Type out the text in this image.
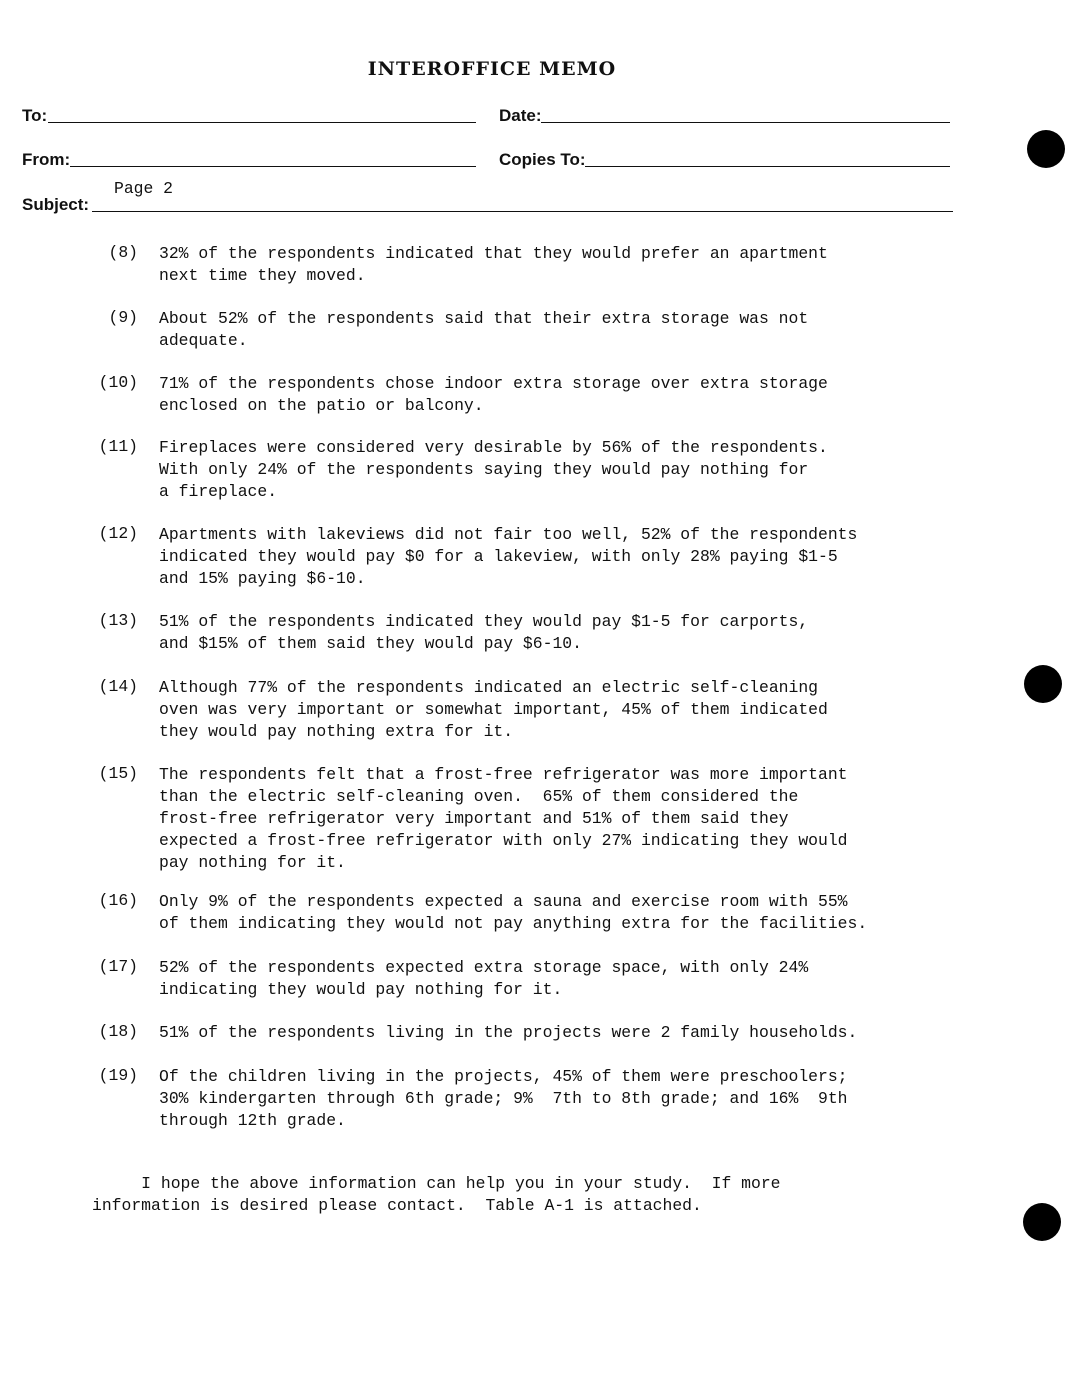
INTEROFFICE MEMO
To:	Date:
From:	Copies To:
Subject:
Page 2
(8) 32% of the respondents indicated that they would prefer an apartment
next time they moved.
(9) About 52% of the respondents said that their extra storage was not
adequate.
(10) 71% of the respondents chose indoor extra storage over extra storage
enclosed on the patio or balcony.
(11) Fireplaces were considered very desirable by 56% of the respondents.
With only 24% of the respondents saying they would pay nothing for
a fireplace.
(12) Apartments with lakeviews did not fair too well, 52% of the respondents
indicated they would pay $0 for a lakeview, with only 28% paying $1-5
and 15% paying $6-10.
(13) 51% of the respondents indicated they would pay $1-5 for carports,
and $15% of them said they would pay $6-10.
(14) Although 77% of the respondents indicated an electric self-cleaning
oven was very important or somewhat important, 45% of them indicated
they would pay nothing extra for it.
(15) The respondents felt that a frost-free refrigerator was more important
than the electric self-cleaning oven.  65% of them considered the
frost-free refrigerator very important and 51% of them said they
expected a frost-free refrigerator with only 27% indicating they would
pay nothing for it.
(16) Only 9% of the respondents expected a sauna and exercise room with 55%
of them indicating they would not pay anything extra for the facilities.
(17) 52% of the respondents expected extra storage space, with only 24%
indicating they would pay nothing for it.
(18) 51% of the respondents living in the projects were 2 family households.
(19) Of the children living in the projects, 45% of them were preschoolers;
30% kindergarten through 6th grade; 9%  7th to 8th grade; and 16%  9th
through 12th grade.
I hope the above information can help you in your study.  If more
information is desired please contact.  Table A-1 is attached.
